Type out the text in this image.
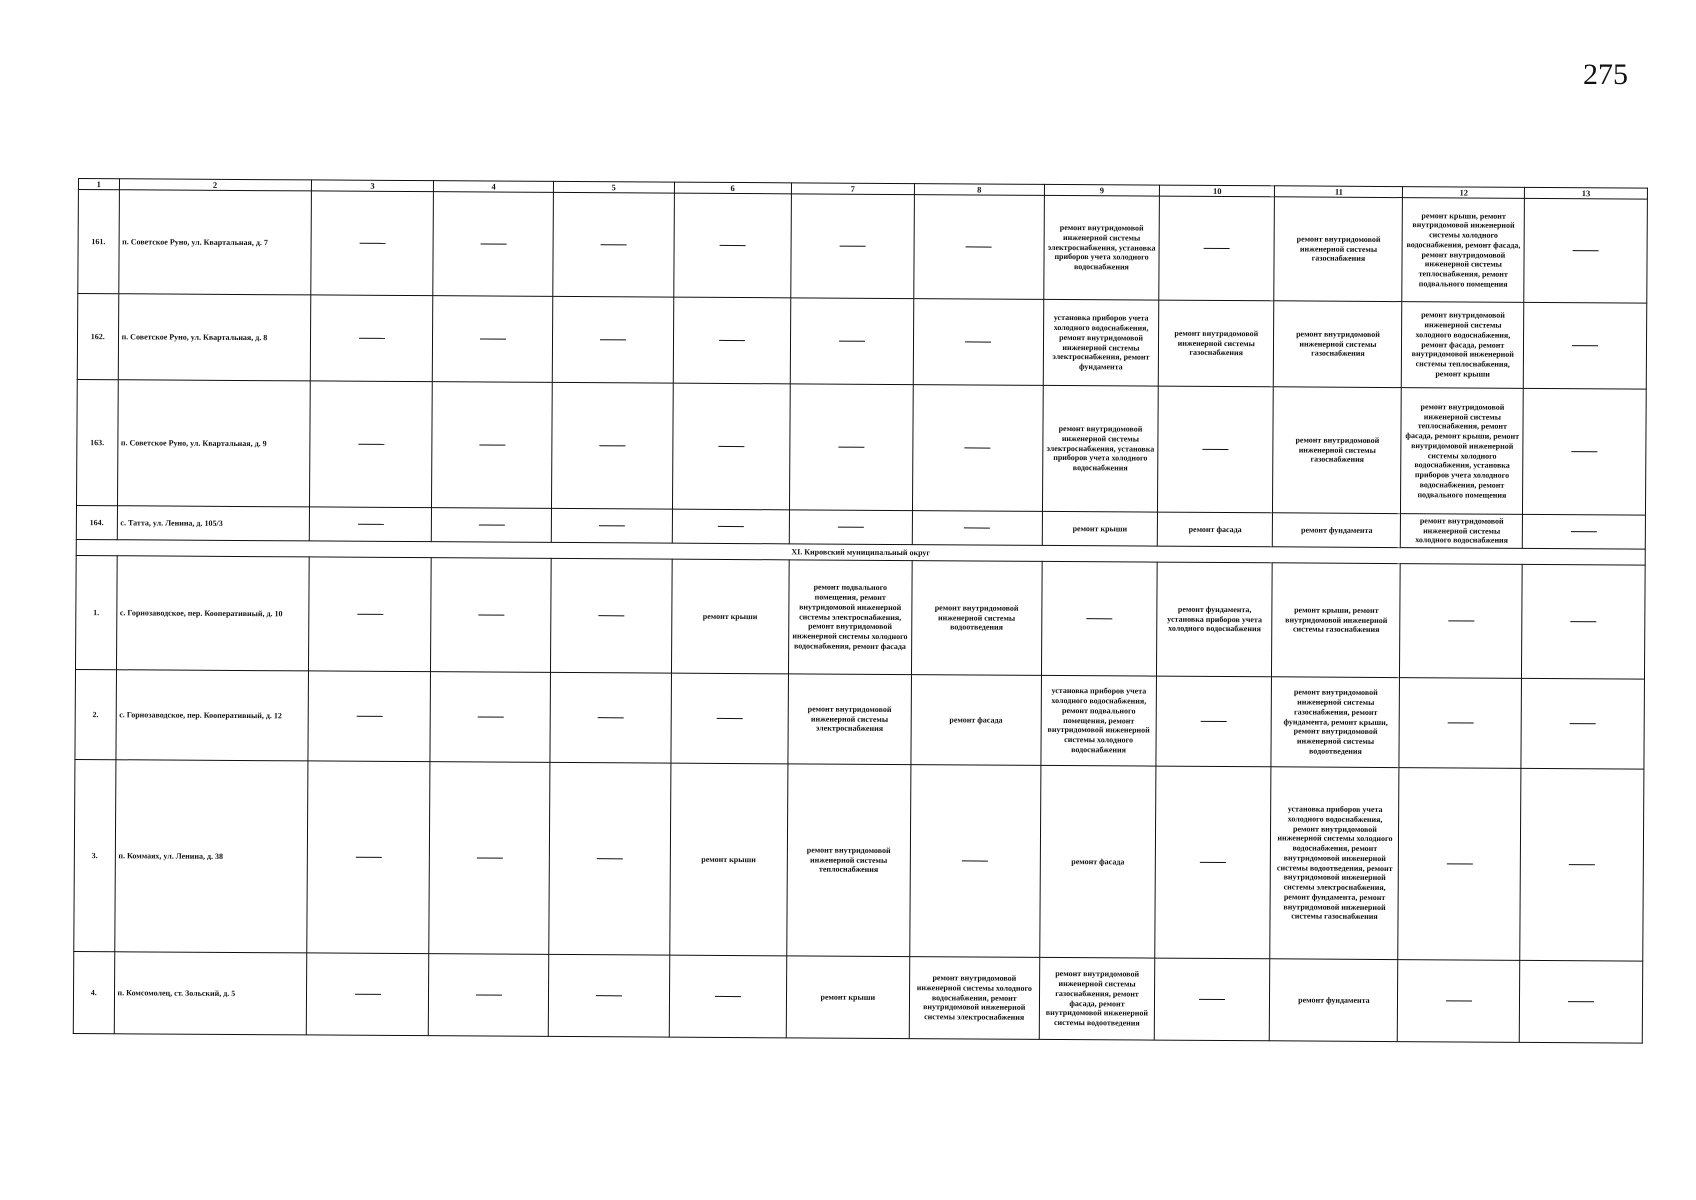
275
1	2	3	4	5	6	7	8	9	10	11	12	13
161.	п. Советское Руно, ул. Квартальная, д. 7							ремонт внутридомовой инженерной системы электроснабжения, установка приборов учета холодного водоснабжения		ремонт внутридомовой инженерной системы газоснабжения	ремонт крыши, ремонт внутридомовой инженерной системы холодного водоснабжения, ремонт фасада, ремонт внутридомовой инженерной системы теплоснабжения, ремонт подвального помещения	

162.	п. Советское Руно, ул. Квартальная, д. 8							установка приборов учета холодного водоснабжения, ремонт внутридомовой инженерной системы электроснабжения, ремонт фундамента	ремонт внутридомовой инженерной системы газоснабжения	ремонт внутридомовой инженерной системы газоснабжения	ремонт внутридомовой инженерной системы холодного водоснабжения, ремонт фасада, ремонт внутридомовой инженерной системы теплоснабжения, ремонт крыши	

163.	п. Советское Руно, ул. Квартальная, д. 9							ремонт внутридомовой инженерной системы электроснабжения, установка приборов учета холодного водоснабжения		ремонт внутридомовой инженерной системы газоснабжения	ремонт внутридомовой инженерной системы теплоснабжения, ремонт фасада, ремонт крыши, ремонт внутридомовой инженерной системы холодного водоснабжения, установка приборов учета холодного водоснабжения, ремонт подвального помещения	

164.	с. Татта, ул. Ленина, д. 105/3							ремонт крыши	ремонт фасада	ремонт фундамента	ремонт внутридомовой инженерной системы холодного водоснабжения	

XI. Кировский муниципальный округ												
1.	с. Горнозаводское, пер. Кооперативный, д. 10				ремонт крыши	ремонт подвального помещения, ремонт внутридомовой инженерной системы электроснабжения, ремонт внутридомовой инженерной системы холодного водоснабжения, ремонт фасада	ремонт внутридомовой инженерной системы водоотведения		ремонт фундамента, установка приборов учета холодного водоснабжения	ремонт крыши, ремонт внутридомовой инженерной системы газоснабжения		

2.	с. Горнозаводское, пер. Кооперативный, д. 12					ремонт внутридомовой инженерной системы электроснабжения	ремонт фасада	установка приборов учета холодного водоснабжения, ремонт подвального помещения, ремонт внутридомовой инженерной системы холодного водоснабжения		ремонт внутридомовой инженерной системы газоснабжения, ремонт фундамента, ремонт крыши, ремонт внутридомовой инженерной системы водоотведения		

3.	п. Коммаях, ул. Ленина, д. 38				ремонт крыши	ремонт внутридомовой инженерной системы теплоснабжения		ремонт фасада		установка приборов учета холодного водоснабжения, ремонт внутридомовой инженерной системы холодного водоснабжения, ремонт внутридомовой инженерной системы водоотведения, ремонт внутридомовой инженерной системы электроснабжения, ремонт фундамента, ремонт внутридомовой инженерной системы газоснабжения		

4.	п. Комсомолец, ст. Зольский, д. 5					ремонт крыши	ремонт внутридомовой инженерной системы холодного водоснабжения, ремонт внутридомовой инженерной системы электроснабжения	ремонт внутридомовой инженерной системы газоснабжения, ремонт фасада, ремонт внутридомовой инженерной системы водоотведения		ремонт фундамента		
